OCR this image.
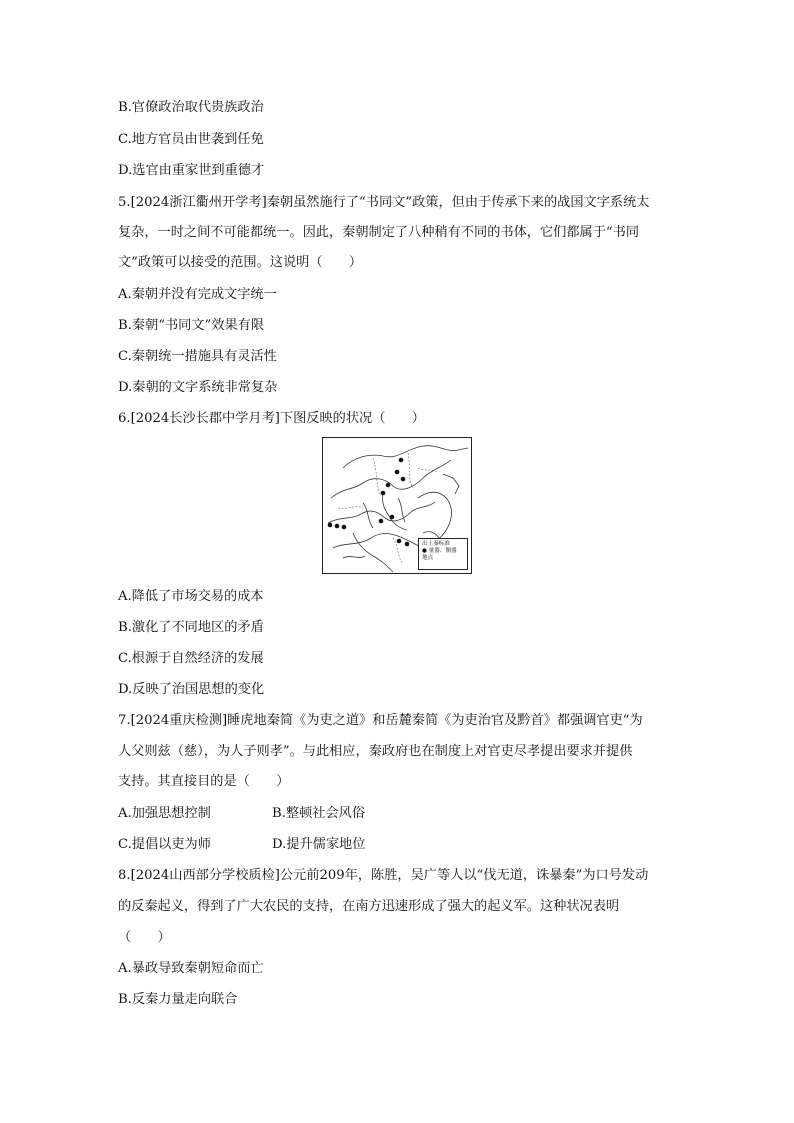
B.官僚政治取代贵族政治
C.地方官员由世袭到任免
D.选官由重家世到重德才
5.[2024浙江衢州开学考]秦朝虽然施行了“书同文”政策，但由于传承下来的战国文字系统太
复杂，一时之间不可能都统一。因此，秦朝制定了八种稍有不同的书体，它们都属于“书同
文”政策可以接受的范围。这说明（　　）
A.秦朝并没有完成文字统一
B.秦朝“书同文”效果有限
C.秦朝统一措施具有灵活性
D.秦朝的文字系统非常复杂
6.[2024长沙长郡中学月考]下图反映的状况（　　）
出土秦标准
● 量器、衡器
地点
A.降低了市场交易的成本
B.激化了不同地区的矛盾
C.根源于自然经济的发展
D.反映了治国思想的变化
7.[2024重庆检测]睡虎地秦简《为吏之道》和岳麓秦简《为吏治官及黔首》都强调官吏“为
人父则兹（慈），为人子则孝”。与此相应，秦政府也在制度上对官吏尽孝提出要求并提供
支持。其直接目的是（　　）
A.加强思想控制	B.整顿社会风俗
C.提倡以吏为师	D.提升儒家地位
8.[2024山西部分学校质检]公元前209年，陈胜，吴广等人以“伐无道，诛暴秦”为口号发动
的反秦起义，得到了广大农民的支持，在南方迅速形成了强大的起义军。这种状况表明
（　　）
A.暴政导致秦朝短命而亡
B.反秦力量走向联合
